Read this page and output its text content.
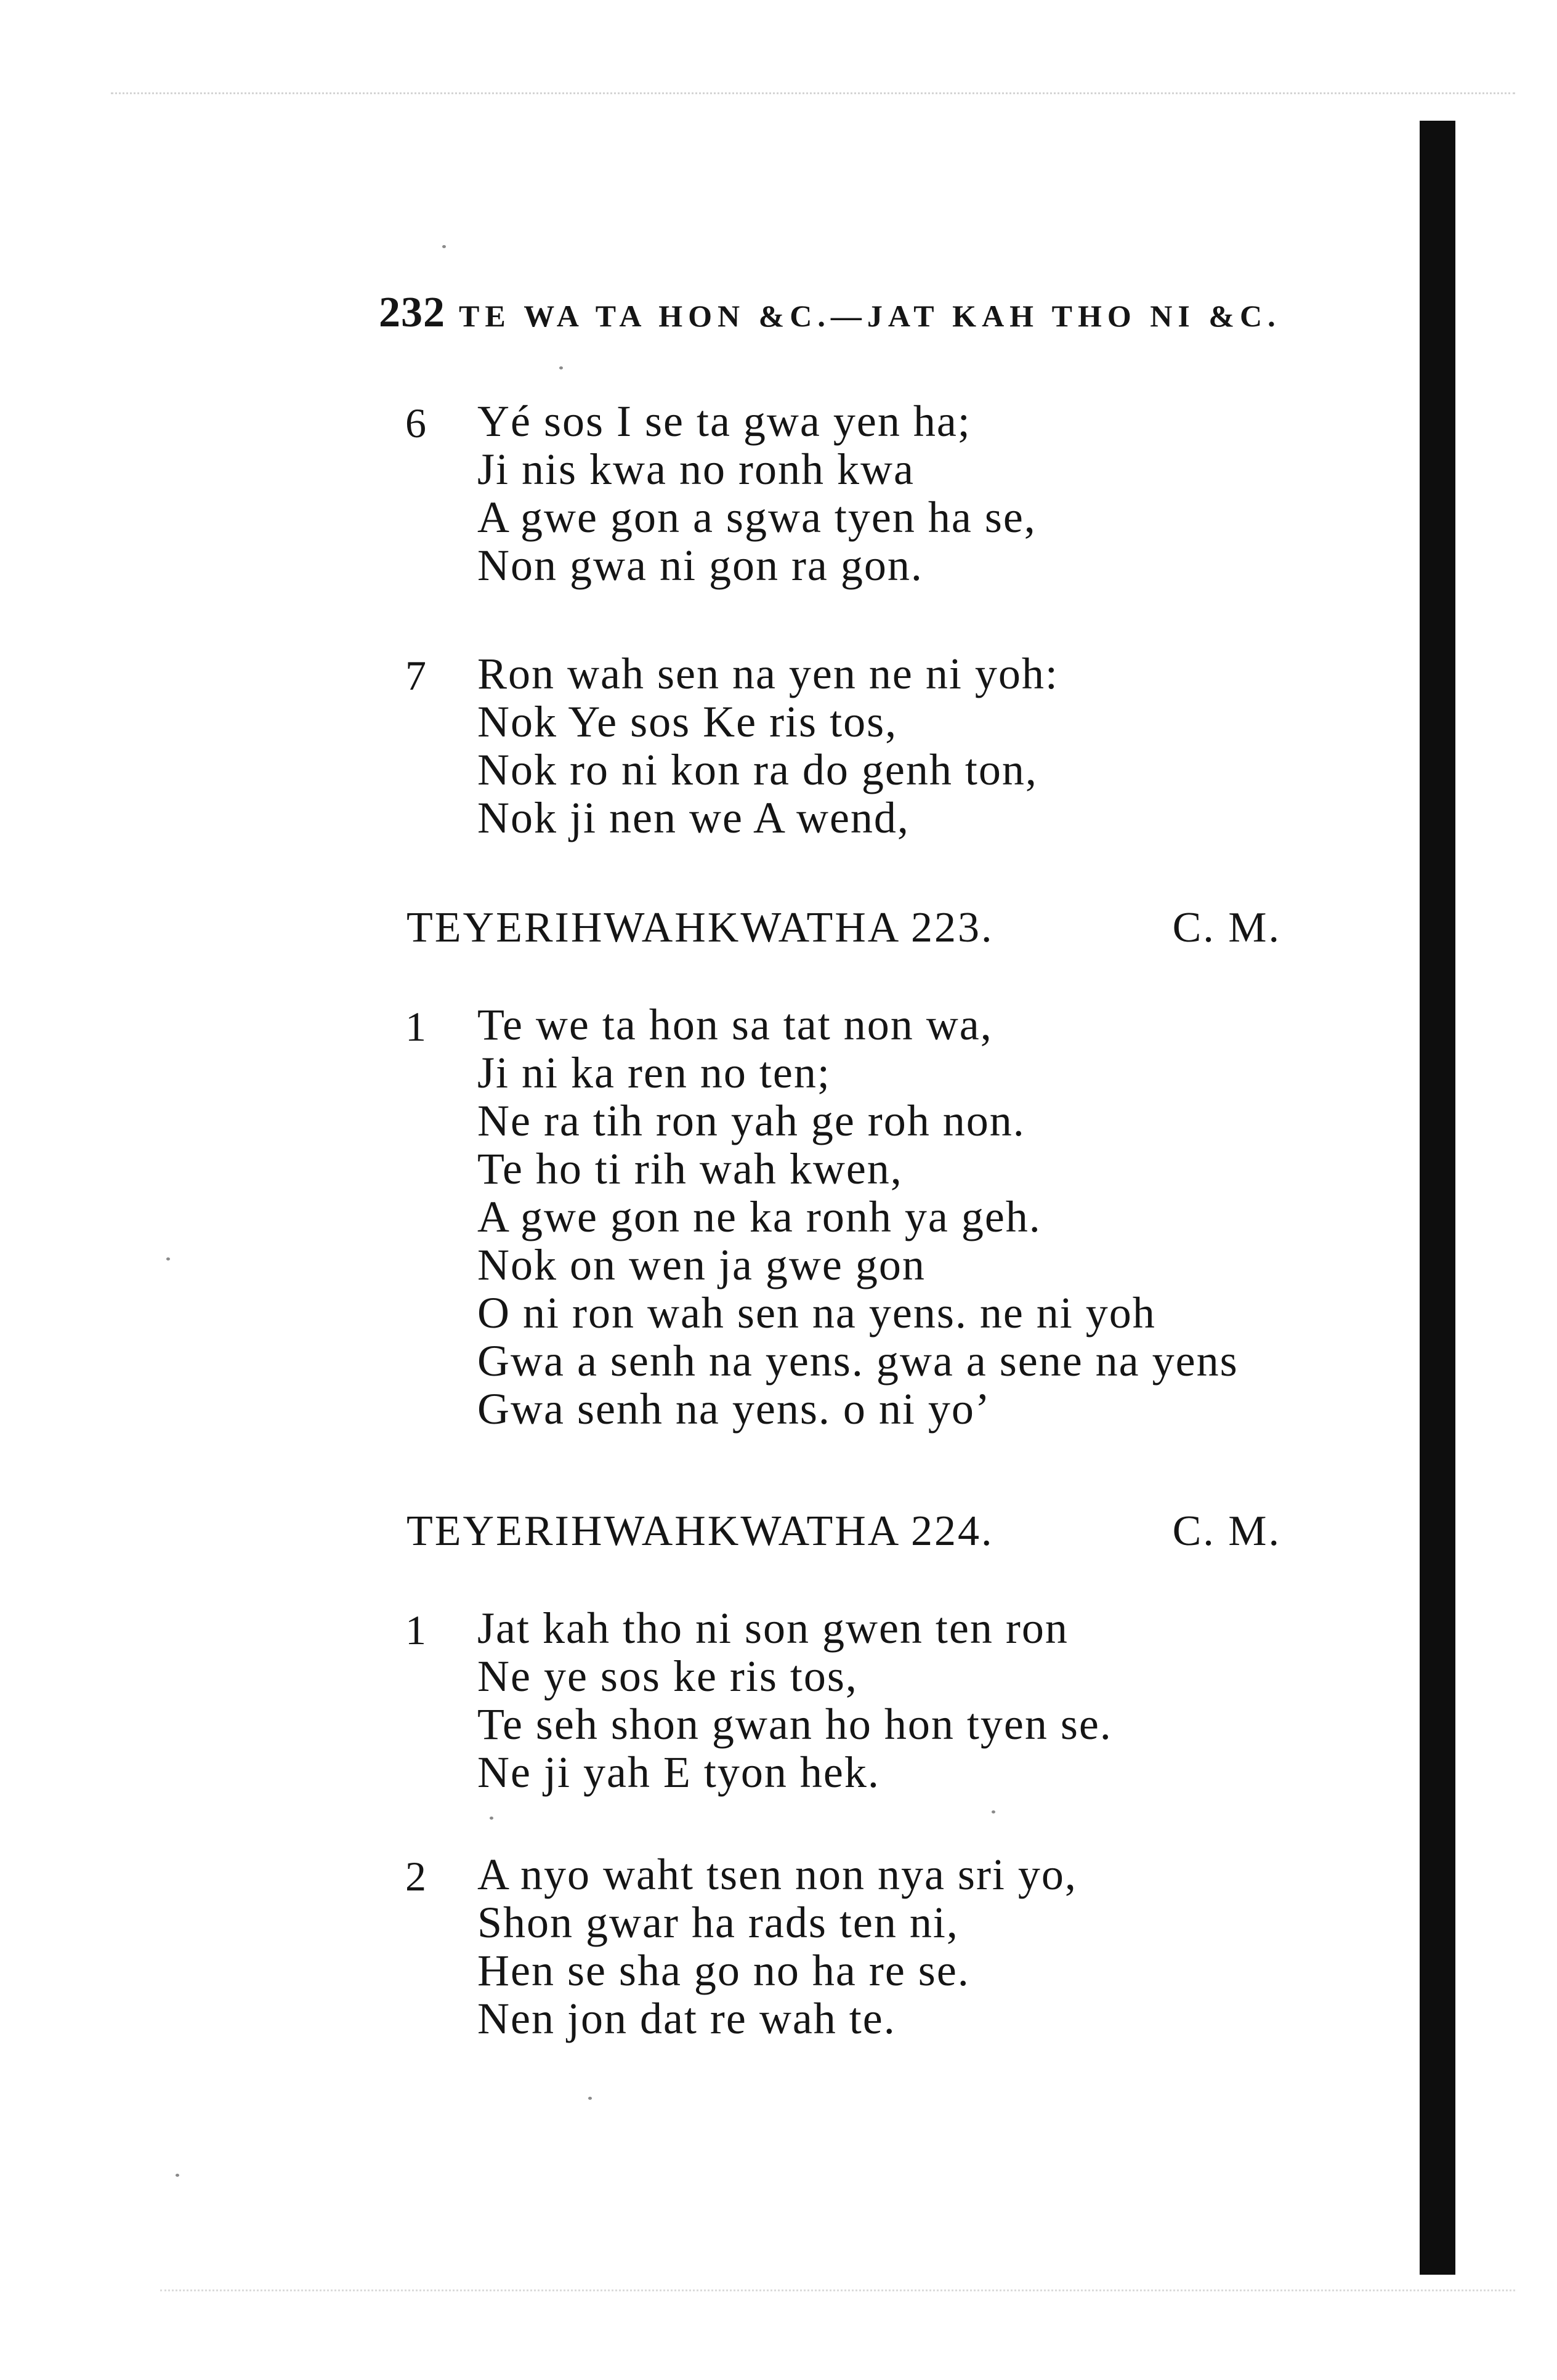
232 TE WA TA HON &C.—JAT KAH THO NI &C.
6 Yé sos I se ta gwa yen ha;
Ji nis kwa no ronh kwa
A gwe gon a sgwa tyen ha se,
Non gwa ni gon ra gon.
7 Ron wah sen na yen ne ni yoh:
Nok Ye sos Ke ris tos,
Nok ro ni kon ra do genh ton,
Nok ji nen we A wend,
TEYERIHWAHKWATHA 223.	C. M.
1 Te we ta hon sa tat non wa,
Ji ni ka ren no ten;
Ne ra tih ron yah ge roh non.
Te ho ti rih wah kwen,
A gwe gon ne ka ronh ya geh.
Nok on wen ja gwe gon
O ni ron wah sen na yens. ne ni yoh
Gwa a senh na yens. gwa a sene na yens
Gwa senh na yens. o ni yo’
TEYERIHWAHKWATHA 224.	C. M.
1 Jat kah tho ni son gwen ten ron
Ne ye sos ke ris tos,
Te seh shon gwan ho hon tyen se.
Ne ji yah E tyon hek.
2 A nyo waht tsen non nya sri yo,
Shon gwar ha rads ten ni,
Hen se sha go no ha re se.
Nen jon dat re wah te.
